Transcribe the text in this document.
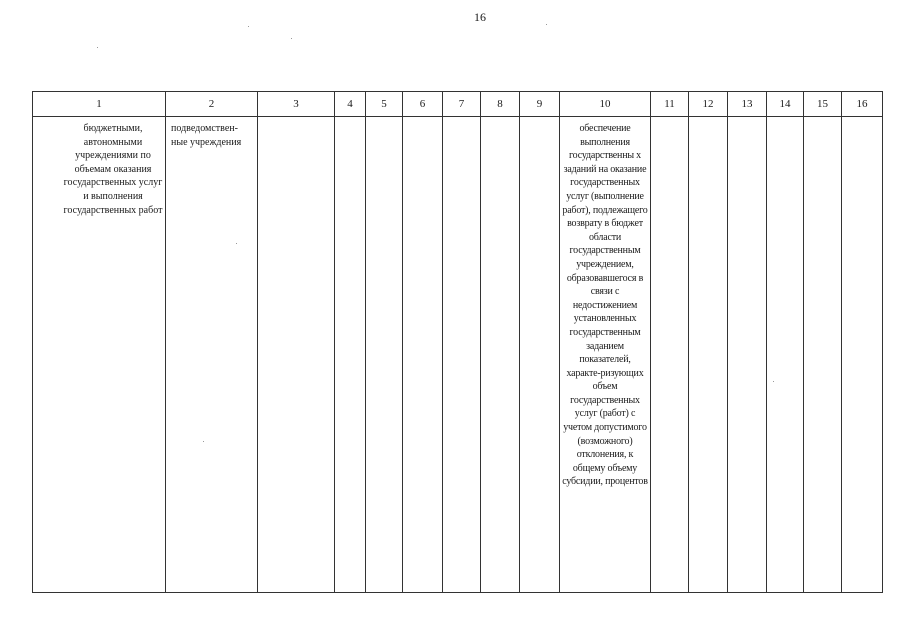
16
1	2	3	4	5	6	7	8	9	10	11	12	13	14	15	16

бюджетными, автономными учреждениями по объемам оказания государственных услуг и выполнения государственных работ	подведомствен-ные учреждения								обеспечение выполнения государственны х заданий на оказание государственных услуг (выполнение работ), подлежащего возврату в бюджет области государственным учреждением, образовавшегося в связи с недостижением установленных государственным заданием показателей, характе-ризующих объем государственных услуг (работ) с учетом допустимого (возможного) отклонения, к общему объему субсидии, процентов						
